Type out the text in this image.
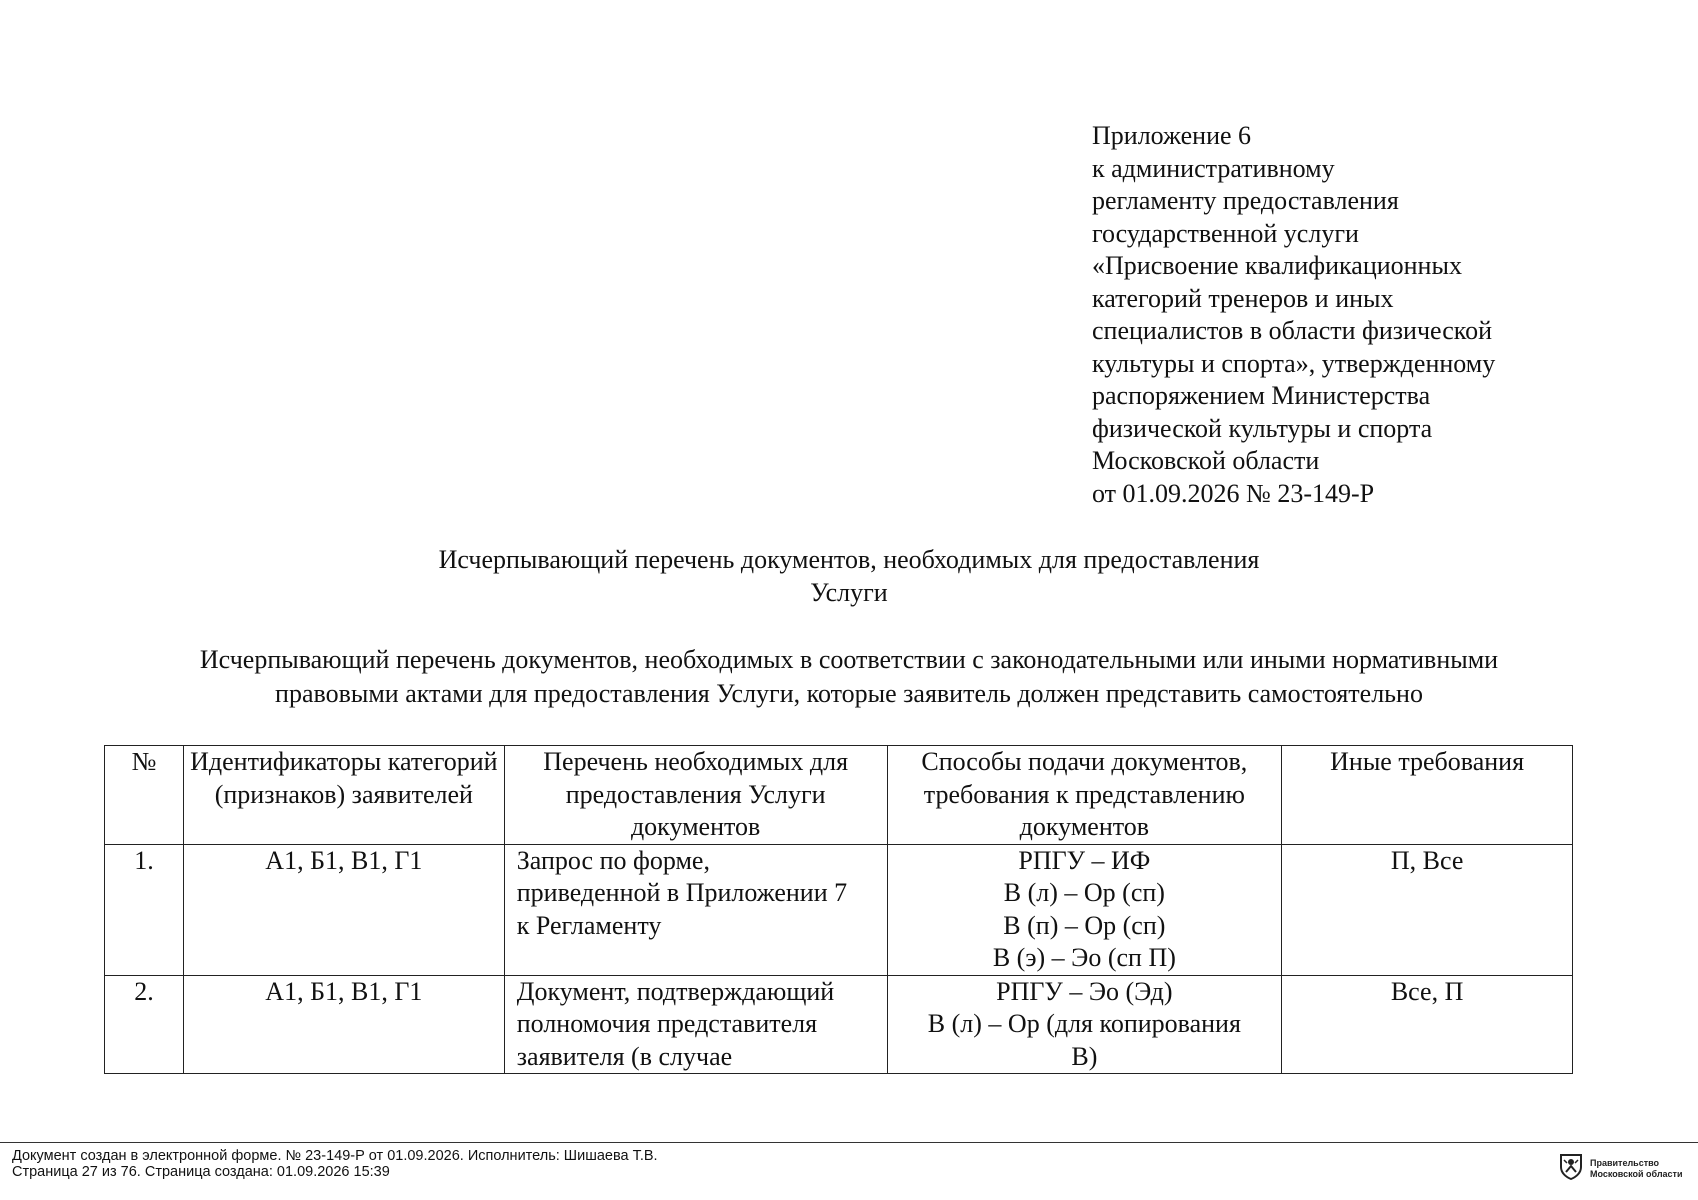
Приложение 6
к административному
регламенту предоставления
государственной услуги
«Присвоение квалификационных
категорий тренеров и иных
специалистов в области физической
культуры и спорта», утвержденному
распоряжением Министерства
физической культуры и спорта
Московской области
от 01.09.2026 № 23-149-Р
Исчерпывающий перечень документов, необходимых для предоставления
Услуги
Исчерпывающий перечень документов, необходимых в соответствии с законодательными или иными нормативными
правовыми актами для предоставления Услуги, которые заявитель должен представить самостоятельно
№	Идентификаторы категорий (признаков) заявителей	Перечень необходимых для предоставления Услуги документов	Способы подачи документов, требования к представлению документов	Иные требования
1.	А1, Б1, В1, Г1	Запрос по форме,
приведенной в Приложении 7
к Регламенту	РПГУ – ИФ
В (л) – Ор (сп)
В (п) – Ор (сп)
В (э) – Эо (сп П)	П, Все
2.	А1, Б1, В1, Г1	Документ, подтверждающий
полномочия представителя
заявителя (в случае	РПГУ – Эо (Эд)
В (л) – Ор (для копирования
В)	Все, П
Документ создан в электронной форме. № 23-149-Р от 01.09.2026. Исполнитель: Шишаева Т.В.
Страница 27 из 76. Страница создана: 01.09.2026 15:39
Правительство
Московской области
